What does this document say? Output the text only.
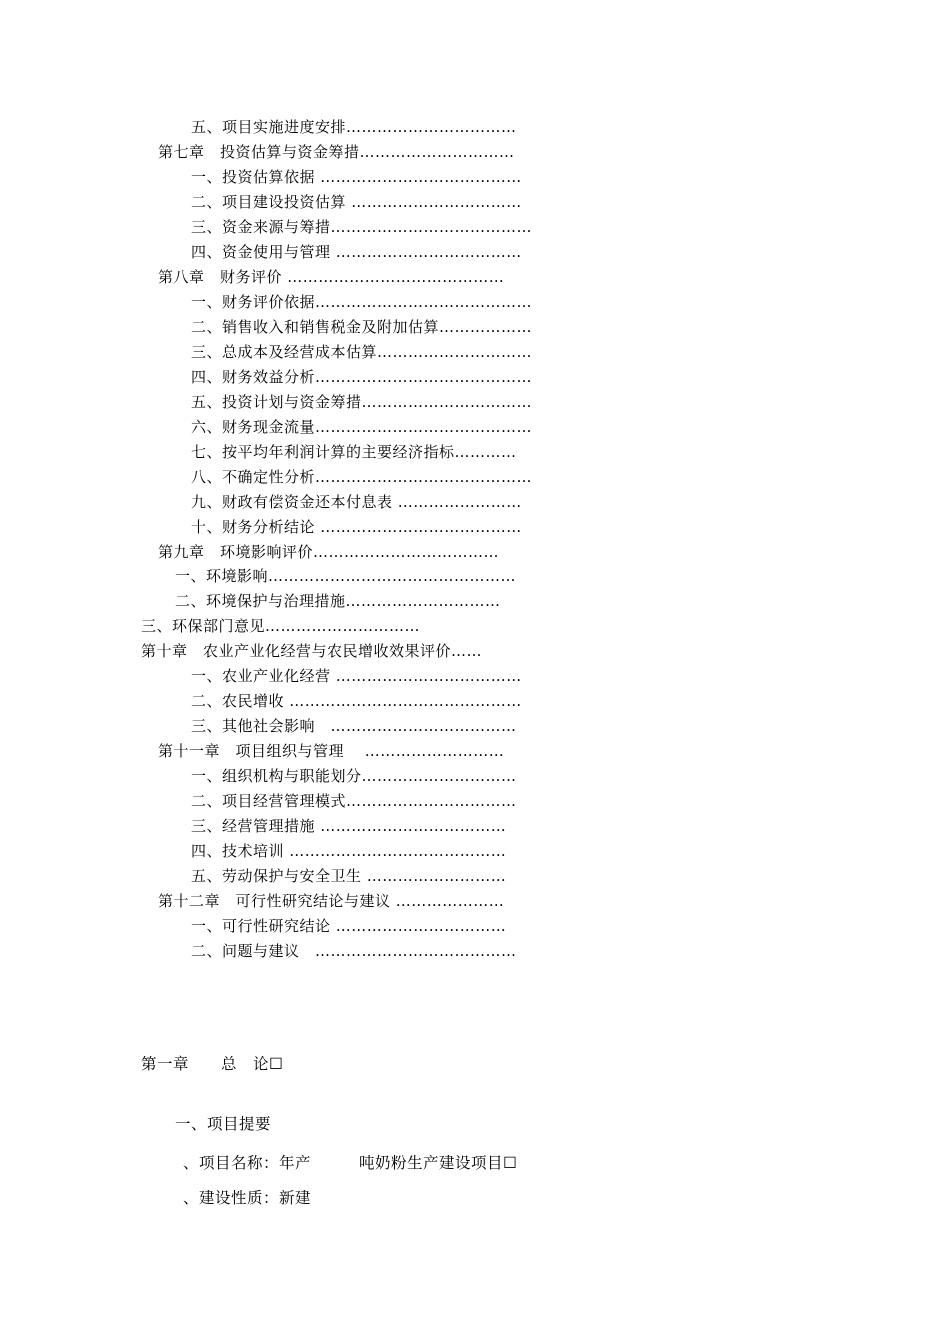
五、项目实施进度安排……………………………
第七章　投资估算与资金筹措…………………………
一、投资估算依据 …………………………………
二、项目建设投资估算 ……………………………
三、资金来源与筹措…………………………………
四、资金使用与管理 ………………………………
第八章　财务评价 ……………………………………
一、财务评价依据……………………………………
二、销售收入和销售税金及附加估算………………
三、总成本及经营成本估算…………………………
四、财务效益分析……………………………………
五、投资计划与资金筹措……………………………
六、财务现金流量……………………………………
七、按平均年利润计算的主要经济指标…………
八、不确定性分析……………………………………
九、财政有偿资金还本付息表 ……………………
十、财务分析结论 …………………………………
第九章　环境影响评价………………………………
一、环境影响…………………………………………
二、环境保护与治理措施…………………………
三、环保部门意见…………………………
第十章　农业产业化经营与农民增收效果评价……
一、农业产业化经营 ………………………………
二、农民增收 ………………………………………
三、其他社会影响　………………………………
第十一章　项目组织与管理　 ………………………
一、组织机构与职能划分…………………………
二、项目经营管理模式……………………………
三、经营管理措施 ………………………………
四、技术培训 ……………………………………
五、劳动保护与安全卫生 ………………………
第十二章　可行性研究结论与建议 …………………
一、可行性研究结论 ……………………………
二、问题与建议　…………………………………
第一章　　总　论☐
一、项目提要
、项目名称：年产　　　吨奶粉生产建设项目☐
、建设性质：新建
